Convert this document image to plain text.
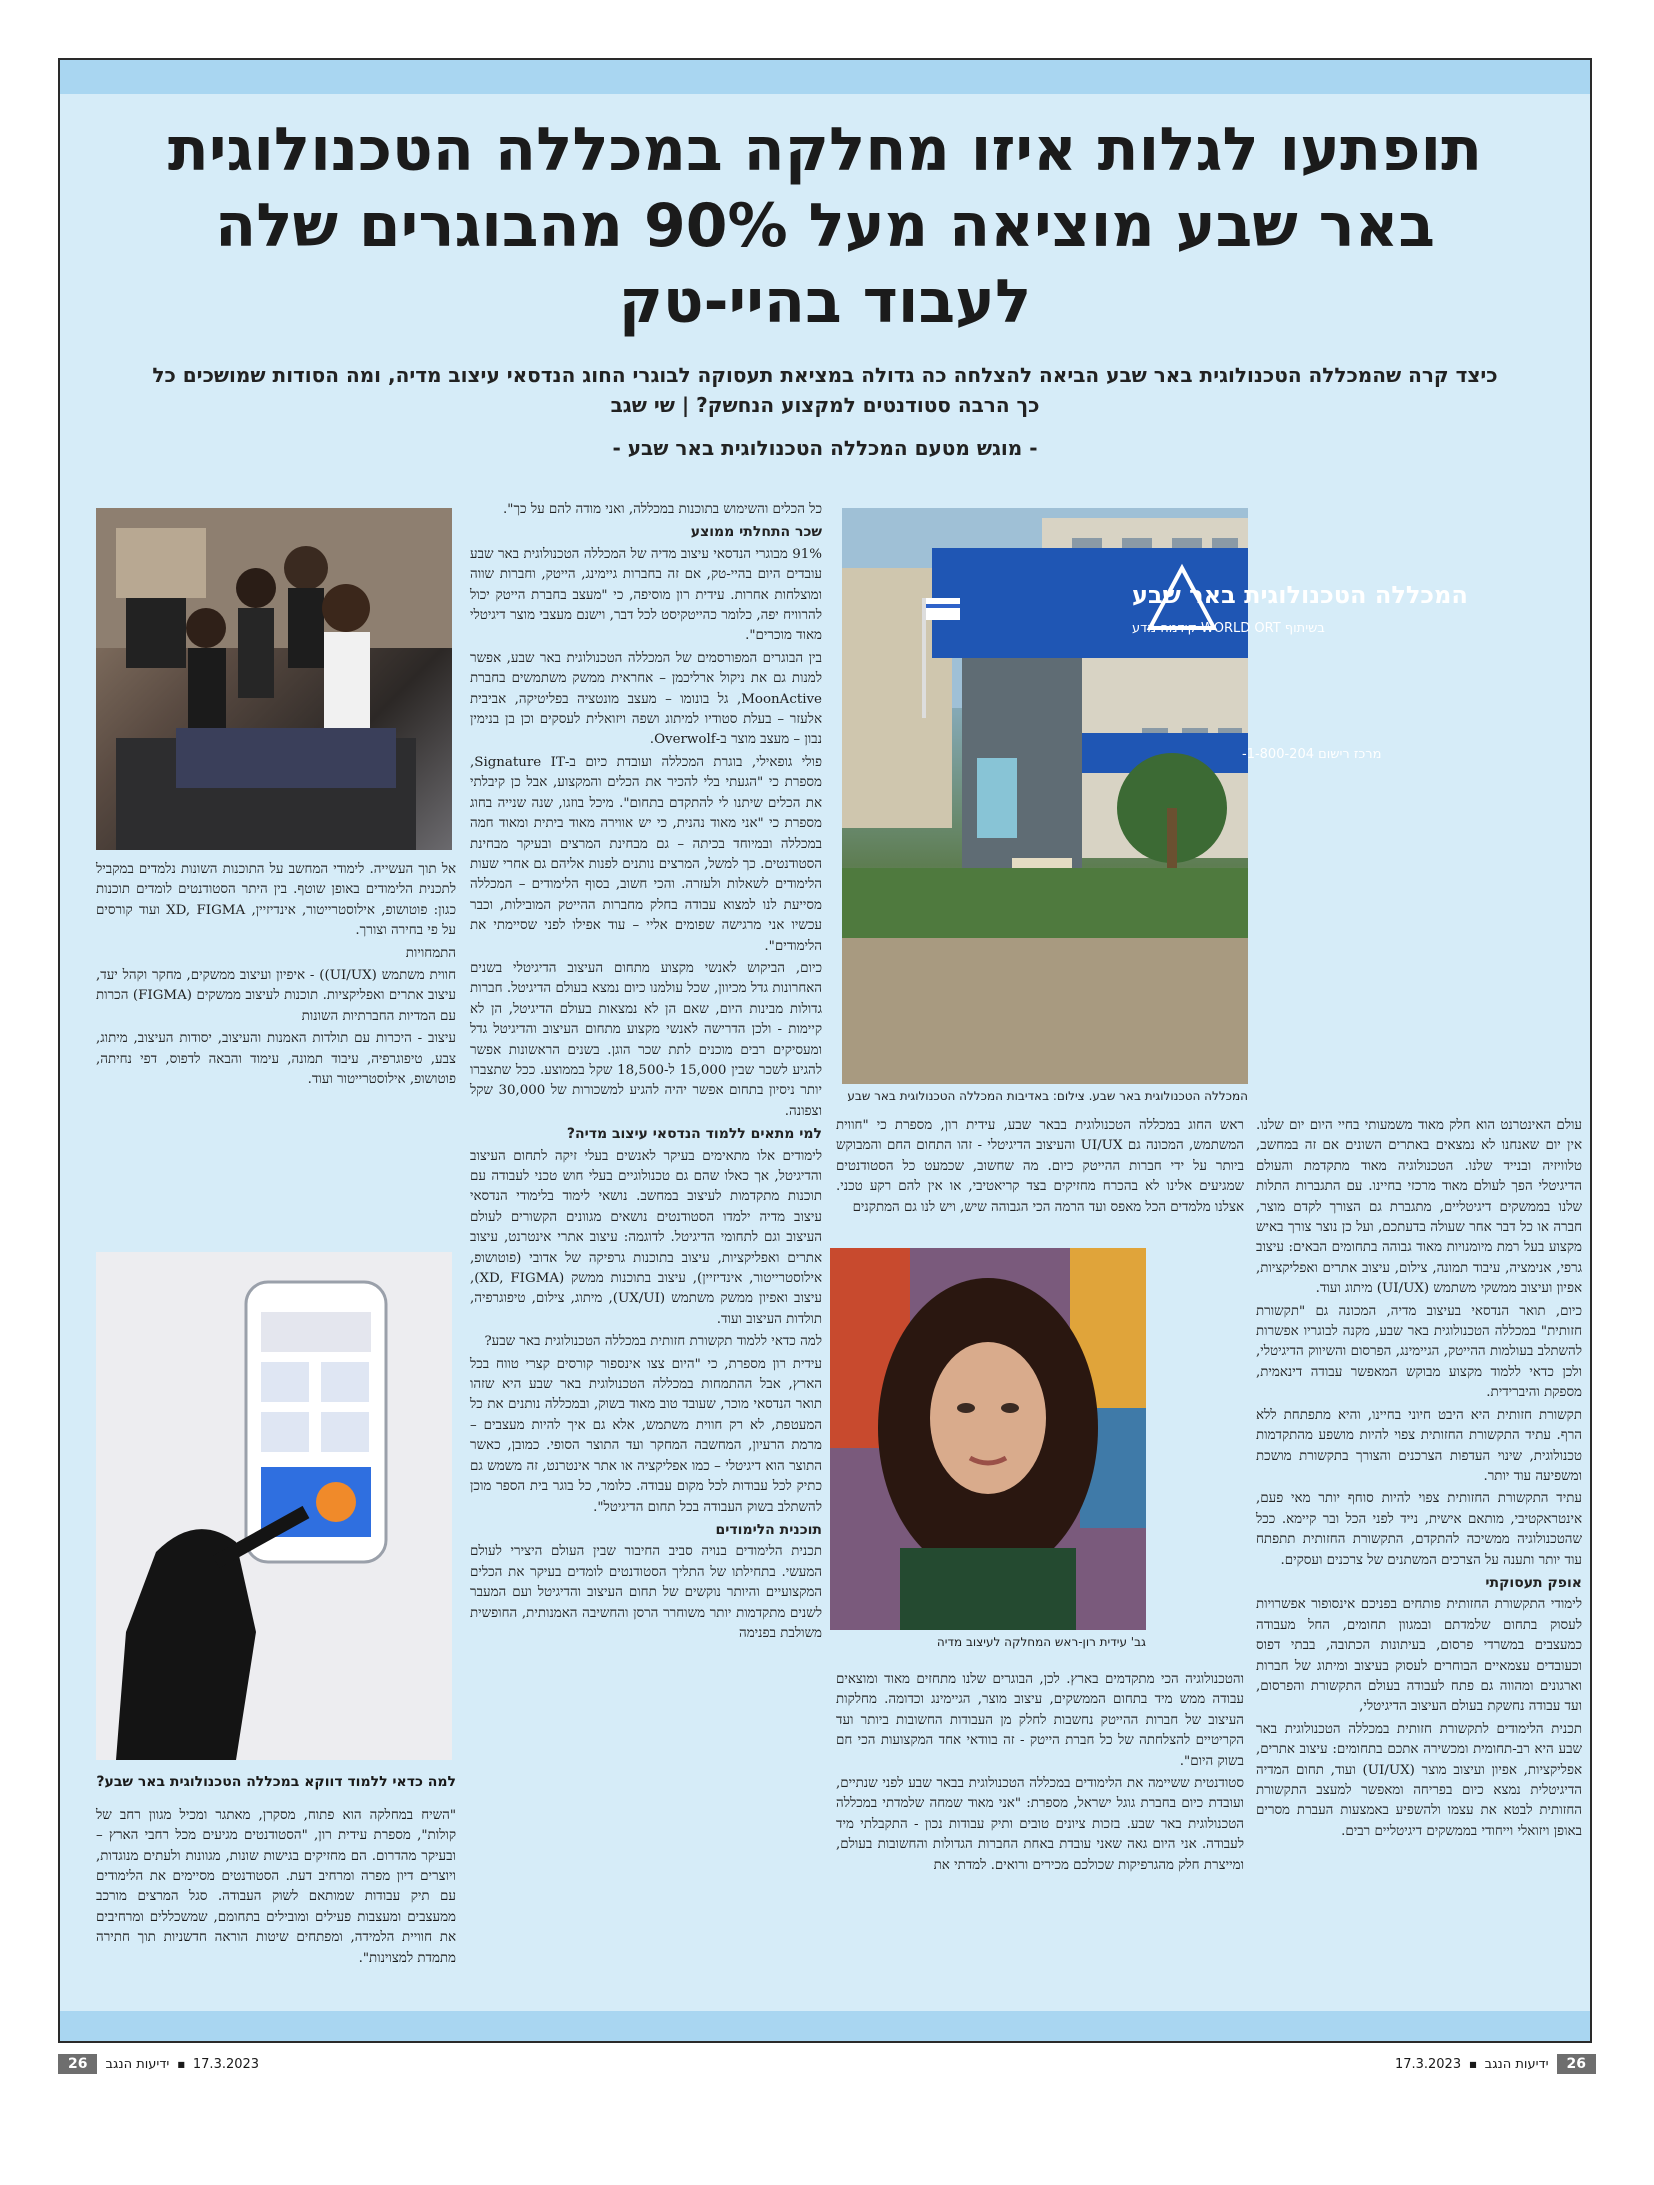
תופתעו לגלות איזו מחלקה במכללה הטכנולוגית
באר שבע מוציאה מעל 90% מהבוגרים שלה
לעבוד בהיי-טק

כיצד קרה שהמכללה הטכנולוגית באר שבע הביאה להצלחה כה גדולה במציאת תעסוקה לבוגרי החוג הנדסאי עיצוב מדיה, ומה הסודות שמושכים כל כך הרבה סטודנטים למקצוע הנחשק? | שי שגב

- מוגש מטעם המכללה הטכנולוגית באר שבע -
המכללה הטכנולוגית באר שבע
בשיתוף WORLD ORT קידמה מדע
מרכז רישום 1-800-204-
המכללה הטכנולוגית באר שבע. צילום: באדיבות המכללה הטכנולוגית באר שבע
גב' עידית רון-ראש המחלקה לעיצוב מדיה

עולם האינטרנט הוא חלק מאוד משמעותי בחיי היום יום שלנו. אין יום שאנחנו לא נמצאים באתרים השונים אם זה במחשב, טלוויזיה ובנייד שלנו. הטכנולוגיה מאוד מתקדמת והעולם הדיגיטלי הפך לעולם מאוד מרכזי בחיינו. עם התגברות התלות שלנו בממשקים דיגיטליים, מתגברת גם הצורך לקדם מוצר, חברה או כל דבר אחר שעולה בדעתכם, ועל כן נוצר צורך באיש מקצוע בעל רמת מיומנויות מאוד גבוהה בתחומים הבאים: עיצוב גרפי, אנימציה, עיבוד תמונה, צילום, עיצוב אתרים ואפליקציות, אפיון ועיצוב ממשקי משתמש (UI/UX) מיתוג ועוד.

כיום, תואר הנדסאי בעיצוב מדיה, המכונה גם "תקשורת חזותית" במכללה הטכנולוגית באר שבע, מקנה לבוגריו אפשרות להשתלב בעולמות ההייטק, הגיימינג, הפרסום והשיווק הדיגיטלי, ולכן כדאי ללמוד מקצוע מבוקש המאפשר עבודה דינאמית, מספקת והיברידית.

תקשורת חזותית היא היבט חיוני בחיינו, והיא מתפתחת ללא הרף. עתיד התקשורת החזותית צפוי להיות מושפע מהתקדמות טכנולוגית, שינוי העדפות הצרכנים והצורך בתקשורת מושכת ומשפיעה עוד יותר.

עתיד התקשורת החזותית צפוי להיות סוחף יותר מאי פעם, אינטראקטיבי, מותאם אישית, נייד לפני הכל ובר קיימא. ככל שהטכנולוגיה ממשיכה להתקדם, התקשורת החזותית תתפתח עוד יותר ותענה על הצרכים המשתנים של צרכנים ועסקים.

אופק תעסוקתי

לימודי התקשורת החזותית פותחים בפניכם אינסופור אפשרויות לעסוק בתחום שלמדתם ובמגוון תחומים, החל מעבודה כמעצבים במשרדי פרסום, בעיתונות הכתובה, בבתי דפוס וכעובדים עצמאיים הבוחרים לעסוק בעיצוב ומיתוג של חברות וארגונים ומהווה גם פתח לעבודה בעולם התקשורת והפרסום, ועד עבודה נחשקת בעולם העיצוב הדיגיטלי,

תכנית הלימודים לתקשורת חזותית במכללה הטכנולוגית באר שבע היא רב-תחומית ומכשירה אתכם בתחומים: עיצוב אתרים, אפליקציות, אפיון ועיצוב מוצר (UI/UX) ועוד, תחום המדיה הדיגיטלית נמצא כיום בפריחה ומאפשר למעצב התקשורת החזותית לבטא את עצמו ולהשפיע באמצעות העברת מסרים באופן ויזואלי וייחודי בממשקים דיגיטליים רבים.

ראש החוג במכללה הטכנולוגית בבאר שבע, עידית רון, מספרת כי "חווית המשתמש, המכונה גם UI/UX והעיצוב הדיגיטלי - זהו התחום החם והמבוקש ביותר על ידי חברות ההייטק כיום. מה שחשוב, שכמעט כל הסטודנטים שמגיעים אלינו לא בהכרח מחזיקים בצד קריאטיבי, או אין להם רקע טכני. אצלנו מלמדים הכל מאפס ועד הרמה הכי הגבוהה שיש, ויש לנו גם המתקנים

והטכנולוגיה הכי מתקדמים בארץ. לכן, הבוגרים שלנו מתחזים מאוד ומוצאים עבודה ממש מיד בתחום הממשקים, עיצוב מוצר, הגיימינג וכדומה. מחלקות העיצוב של חברות ההייטק נחשבות לחלק מן העבודות החשובות ביותר ועד הקריטיים להצלחתה של כל חברת הייטק - זה בוודאי אחד המקצועות הכי חם בשוק היום".

סטודנטית ששיימה את הלימודים במכללה הטכנולוגית בבאר שבע לפני שנתיים, ועובדת כיום בחברת גוגל ישראל, מספרת: "אני מאוד שמחה שלמדתי במכללה הטכנולוגית באר שבע. בזכות ציונים טובים ותיק עבודות נכון - התקבלתי מיד לעבודה. אני היום גאה שאני עובדת באחת החברות הגדולות והחשובות בעולם, ומייצרת חלק מהגרפיקות שכולכם מכירים ורואים. למדתי את

כל הכלים והשימוש בתוכנות במכללה, ואני מודה להם על כך".

שכר התחלתי ממוצע

91% מבוגרי הנדסאי עיצוב מדיה של המכללה הטכנולוגית באר שבע עובדים היום בהיי-טק, אם זה בחברות גיימינג, הייטק, וחברות שווה ומוצלחות אחרות. עידית רון מוסיפה, כי "מעצב בחברת הייטק יכול להרוויח יפה, כלומר כהייטקיסט לכל דבר, וישנם מעצבי מוצר דיגיטלי מאוד מוכרים".

בין הבוגרים המפורסמים של המכללה הטכנולוגית באר שבע, אפשר למנות גם את ניקול ארליכמן – אחראית ממשק משתמשים בחברת MoonActive, גל בונומו – מעצב מונטציה בפליטיקה, אביבית אלעזר – בעלת סטודיו למיתוג ושפה ויזואלית לעסקים וכן בן בנימין נבון – מעצב מוצר ב-Overwolf.

פולי גופאילי, בוגרת המכללה ועובדת כיום ב-Signature IT, מספרת כי "הגעתי בלי להכיר את הכלים והמקצוע, אבל כן קיבלתי את הכלים שיתנו לי להתקדם בתחום". מיכל בוזגו, שנה שנייה בחוג מספרת כי "אני מאוד נהנית, כי יש אווירה מאוד ביתית ומאוד חמה במכללה ובמיוחד בכיתה – גם מבחינת המרצים ובעיקר מבחינת הסטודנטים. כך למשל, המרצים נותנים לפנות אליהם גם אחרי שעות הלימודים לשאלות ולעזרה. והכי חשוב, בסוף הלימודים – המכללה מסייעת לנו למצוא עבודה בחלק מחברות ההייטק המובילות, וכבר עכשיו אני מרגישה שפומים אליי – עוד אפילו לפני שסיימתי את הלימודים".

כיום, הביקוש לאנשי מקצוע מתחום העיצוב הדיגיטלי בשנים האחרונות גדל מכיוון, שכל עולמנו כיום נמצא בעולם הדיגיטל. חברות גדולות מבינות היום, שאם הן לא נמצאות בעולם הדיגיטל, הן לא קיימות - ולכן הדרישה לאנשי מקצוע מתחום העיצוב והדיגיטל גדל ומעסיקים רבים מוכנים לתת שכר הוגן. בשנים הראשונות אפשר להגיע לשכר שבין 15,000 ל-18,500 שקל בממוצע. ככל שתצברו יותר ניסיון בתחום אפשר יהיה להגיע למשכורות של 30,000 שקל וצפונה.

למי מתאים ללמוד הנדסאי עיצוב מדיה?

לימודים אלו מתאימים בעיקר לאנשים בעלי זיקה לתחום העיצוב והדיגיטל, אך כאלו שהם גם טכנולוגיים בעלי חוש טכני לעבודה עם תוכנות מתקדמות לעיצוב במחשב. נושאי לימוד בלימודי הנדסאי עיצוב מדיה ילמדו הסטודנטים נושאים מגוונים הקשורים לעולם העיצוב וגם לתחומי הדיגיטל. לדוגמה: עיצוב אתרי אינטרנט, עיצוב אתרים ואפליקציות, עיצוב בתוכנות גרפיקה של אדובי (פוטושופ, אילוסטרייטור, אינדיזיין), עיצוב בתוכנות ממשק (XD, FIGMA), עיצוב ואפיון ממשק משתמש (UX/UI), מיתוג, צילום, טיפוגרפיה, תולדות העיצוב ועוד.

למה כדאי ללמוד תקשורת חזותית במכללה הטכנולוגית באר שבע?

עידית רון מספרת, כי "היום צצו אינספור קורסים קצרי טווח בכל הארץ, אבל ההתמחות במכללה הטכנולוגית באר שבע היא שזהו תואר הנדסאי מוכר, שעובד טוב מאוד בשוק, ובמכללה נותנים את כל המעטפת, לא רק חווית משתמש, אלא גם איך להיות מעצבים – מרמת הרעיון, המחשבה המחקר ועד התוצר הסופי. כמובן, כאשר התוצר הוא דיגיטלי – כמו אפליקציה או אתר אינטרנט, זה משמש גם כתיק לכל עבודות לכל מקום עבודה. כלומר, כל בוגר בית הספר מוכן להשתלב בשוק העבודה בכל תחום הדיגיטל".

תוכנית הלימודים

תכנית הלימודים בנויה סביב החיבור שבין העולם היצירי לעולם המעשי. בתחילתו של התליך הסטודנטים לומדים בעיקר את הכלים המקצועיים והיותר נוקשים של תחום העיצוב והדיגיטל ועם המעבר לשנים מתקדמות יותר משוחרר הרסן והחשיבה האמנותית, החופשית משולבת בפנימה

אל תוך העשייה. לימודי המחשב על התוכנות השונות נלמדים במקביל לתכנית הלימודים באופן שוטף. בין היתר הסטודנטים לומדים תוכנות כגון: פוטושופ, אילוסטרייטור, אינדיזיין, XD, FIGMA ועוד קורסים על פי בחירה וצורך.

התמחויות

חווית משתמש (UI/UX)) - איפיון ועיצוב ממשקים, מחקר וקהל יעד, עיצוב אתרים ואפליקציות. תוכנות לעיצוב ממשקים (FIGMA) הכרות עם המדיות החברתיות השונות

עיצוב - היכרות עם תולדות האמנות והעיצוב, יסודות העיצוב, מיתוג, צבע, טיפוגרפיה, עיבוד תמונה, עימוד והבאה לדפוס, דפי נחיתה, פוטושופ, אילוסטרייטור ועוד.

למה כדאי ללמוד דווקא במכללה הטכנולוגית באר שבע?

"השיח במחלקה הוא פתוח, מסקרן, מאתגר ומכיל מגוון רחב של קולות", מספרת עידית רון, "הסטודנטים מגיעים מכל רחבי הארץ – ובעיקר מהדרום. הם מחזיקים בגישות שונות, מגוונות ולעתים מנוגדות, ויוצרים דיון מפרה ומרחיב דעת. הסטודנטים מסיימים את הלימודים עם תיק עבודות שמותאם לשוק העבודה. סגל המרצים מורכב ממעצבים ומעצבות פעילים ומובילים בתחומם, שמשכללים ומרחיבים את חוויית הלמידה, ומפתחים שיטות הוראה חדשניות תוך חתירה מתמדת למצוינות".

26
ידיעות הנגב
■
17.3.2023
26	ידיעות הנגב ■ 17.3.2023
